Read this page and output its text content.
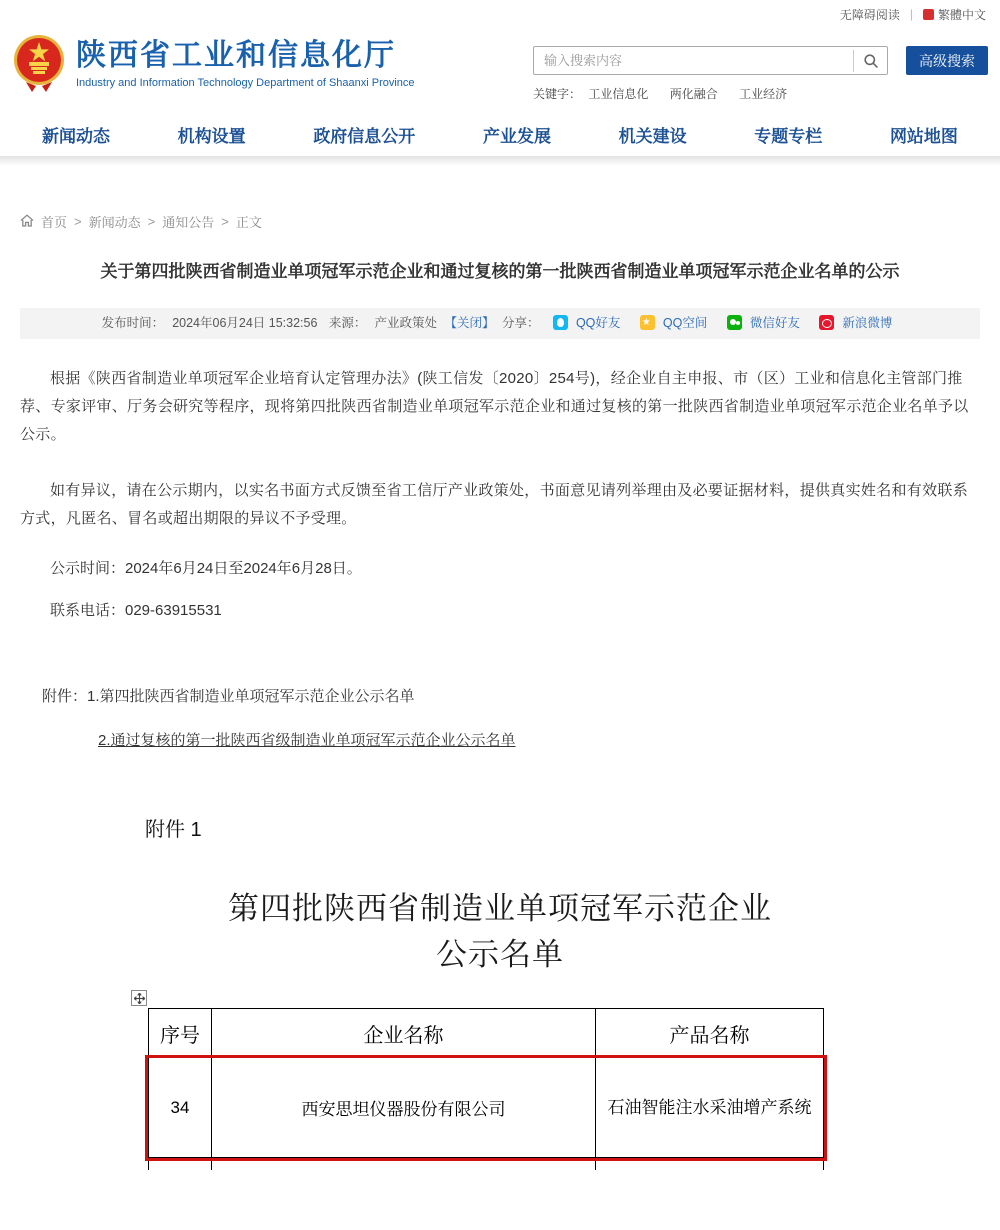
无障碍阅读 |	繁體中文
陕西省工业和信息化厅
Industry and Information Technology Department of Shaanxi Province
输入搜索内容
高级搜索
关键字： 工业信息化 两化融合 工业经济
新闻动态	机构设置	政府信息公开	产业发展	机关建设	专题专栏	网站地图
首页 > 新闻动态 > 通知公告 > 正文
关于第四批陕西省制造业单项冠军示范企业和通过复核的第一批陕西省制造业单项冠军示范企业名单的公示
发布时间： 2024年06月24日 15:32:56 来源： 产业政策处 【关闭】 分享：	QQ好友 ★	QQ空间	微信好友	新浪微博

根据《陕西省制造业单项冠军企业培育认定管理办法》(陕工信发〔2020〕254号)，经企业自主申报、市（区）工业和信息化主管部门推荐、专家评审、厅务会研究等程序，现将第四批陕西省制造业单项冠军示范企业和通过复核的第一批陕西省制造业单项冠军示范企业名单予以公示。

如有异议，请在公示期内，以实名书面方式反馈至省工信厅产业政策处，书面意见请列举理由及必要证据材料，提供真实姓名和有效联系方式，凡匿名、冒名或超出期限的异议不予受理。

公示时间：2024年6月24日至2024年6月28日。

联系电话：029-63915531

附件：1.第四批陕西省制造业单项冠军示范企业公示名单

2.通过复核的第一批陕西省级制造业单项冠军示范企业公示名单

附件 1
第四批陕西省制造业单项冠军示范企业
公示名单
序号	企业名称	产品名称
34	西安思坦仪器股份有限公司	石油智能注水采油增产系统
